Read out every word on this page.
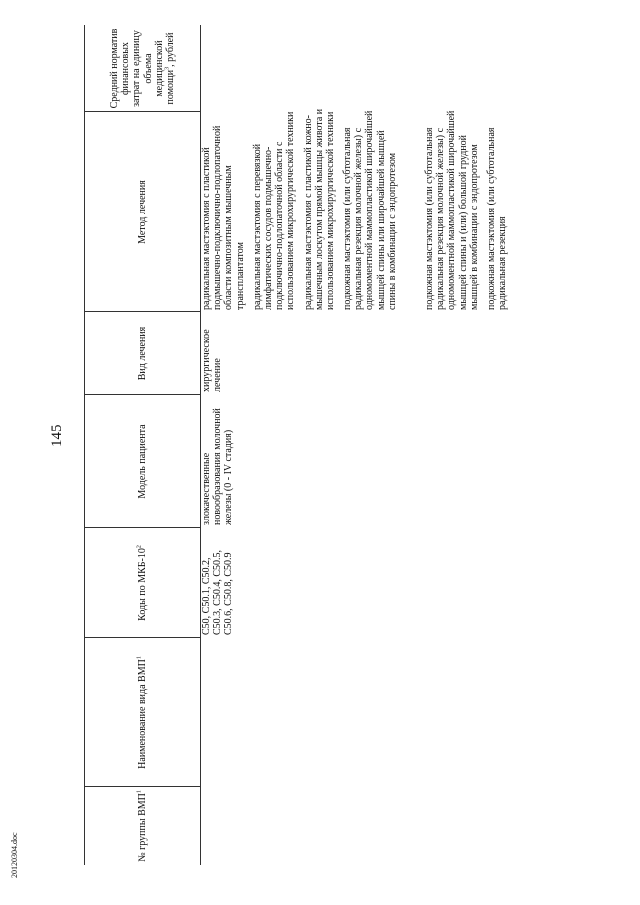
145
20120304.doc	№ группы ВМП$^1$
Наименование вида ВМП$^1$
Коды по МКБ-$10^2$
Модель пациента
Вид лечения
Метод лечения
Средний норматив финансовых затрат на единицу объема медицинской помощи$^3$, рублей
C50, C50.1, C50.2, C50.3, C50.4, C50.5, C50.6, C50.8, C50.9
злокачественные новообразования молочной железы (0 - IV стадия)
хирургическое лечение

радикальная мастэктомия с пластикой подмышечно-подключично-подлопаточной области композитным мышечным трансплантатом радикальная мастэктомия с перевязкой лимфатических сосудов подмышечно-подключично-подлопаточной области с использованием микрохирургической техники радикальная мастэктомия с пластикой кожно-мышечным лоскутом прямой мышцы живота и использованием микрохирургической техники подкожная мастэктомия (или субтотальная радикальная резекция молочной железы) с одномоментной маммопластикой широчайшей мышцей спины или широчайшей мышцей спины в комбинации с эндопротезом	подкожная мастэктомия (или субтотальная радикальная резекция молочной железы) с одномоментной маммопластикой широчайшей мышцей спины и (или) большой грудной мышцей в комбинации с эндопротезом подкожная мастэктомия (или субтотальная радикальная резекция
